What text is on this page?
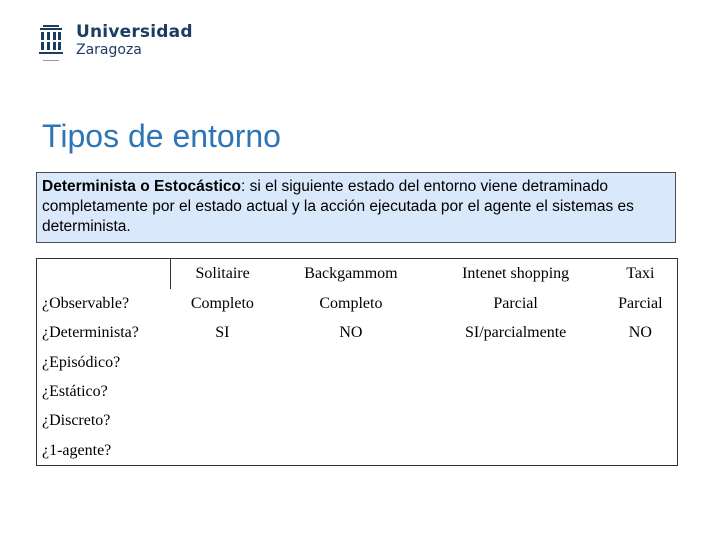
Universidad
Zaragoza
Tipos de entorno
Determinista o Estocástico: si el siguiente estado del entorno viene detraminado completamente por el estado actual y la acción ejecutada por el agente el sistemas es determinista.
	Solitaire	Backgammom	Intenet shopping	Taxi
¿Observable?	Completo	Completo	Parcial	Parcial
¿Determinista?	SI	NO	SI/parcialmente	NO
¿Episódico?				
¿Estático?				
¿Discreto?				
¿1-agente?				
